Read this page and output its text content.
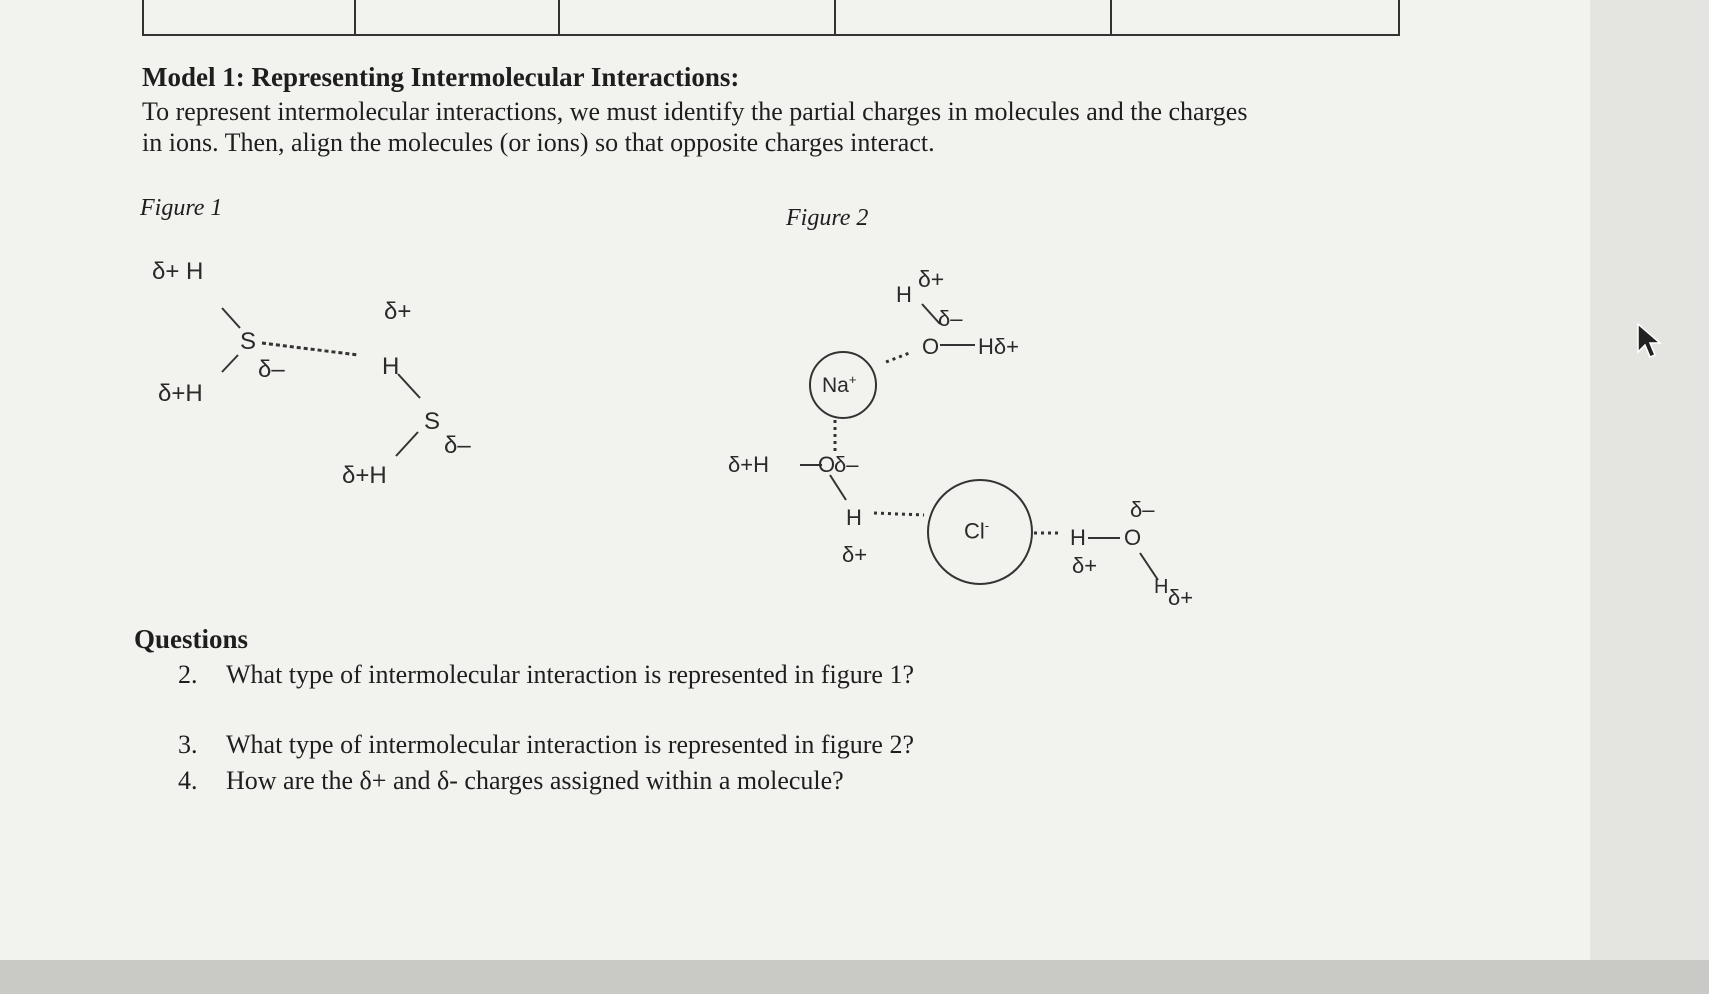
Model 1: Representing Intermolecular Interactions:
To represent intermolecular interactions, we must identify the partial charges in molecules and the charges
in ions. Then, align the molecules (or ions) so that opposite charges interact.
Figure 1	Figure 2
δ+ H
S
δ–
δ+H
δ+
H
S
δ–
δ+H
δ+
H
δ–
O Hδ+
Na+
δ+H O
δ–
H
δ+
Cl-	H O
δ–
δ+
H δ+
Questions
2. What type of intermolecular interaction is represented in figure 1?
3. What type of intermolecular interaction is represented in figure 2?
4. How are the δ+ and δ- charges assigned within a molecule?
